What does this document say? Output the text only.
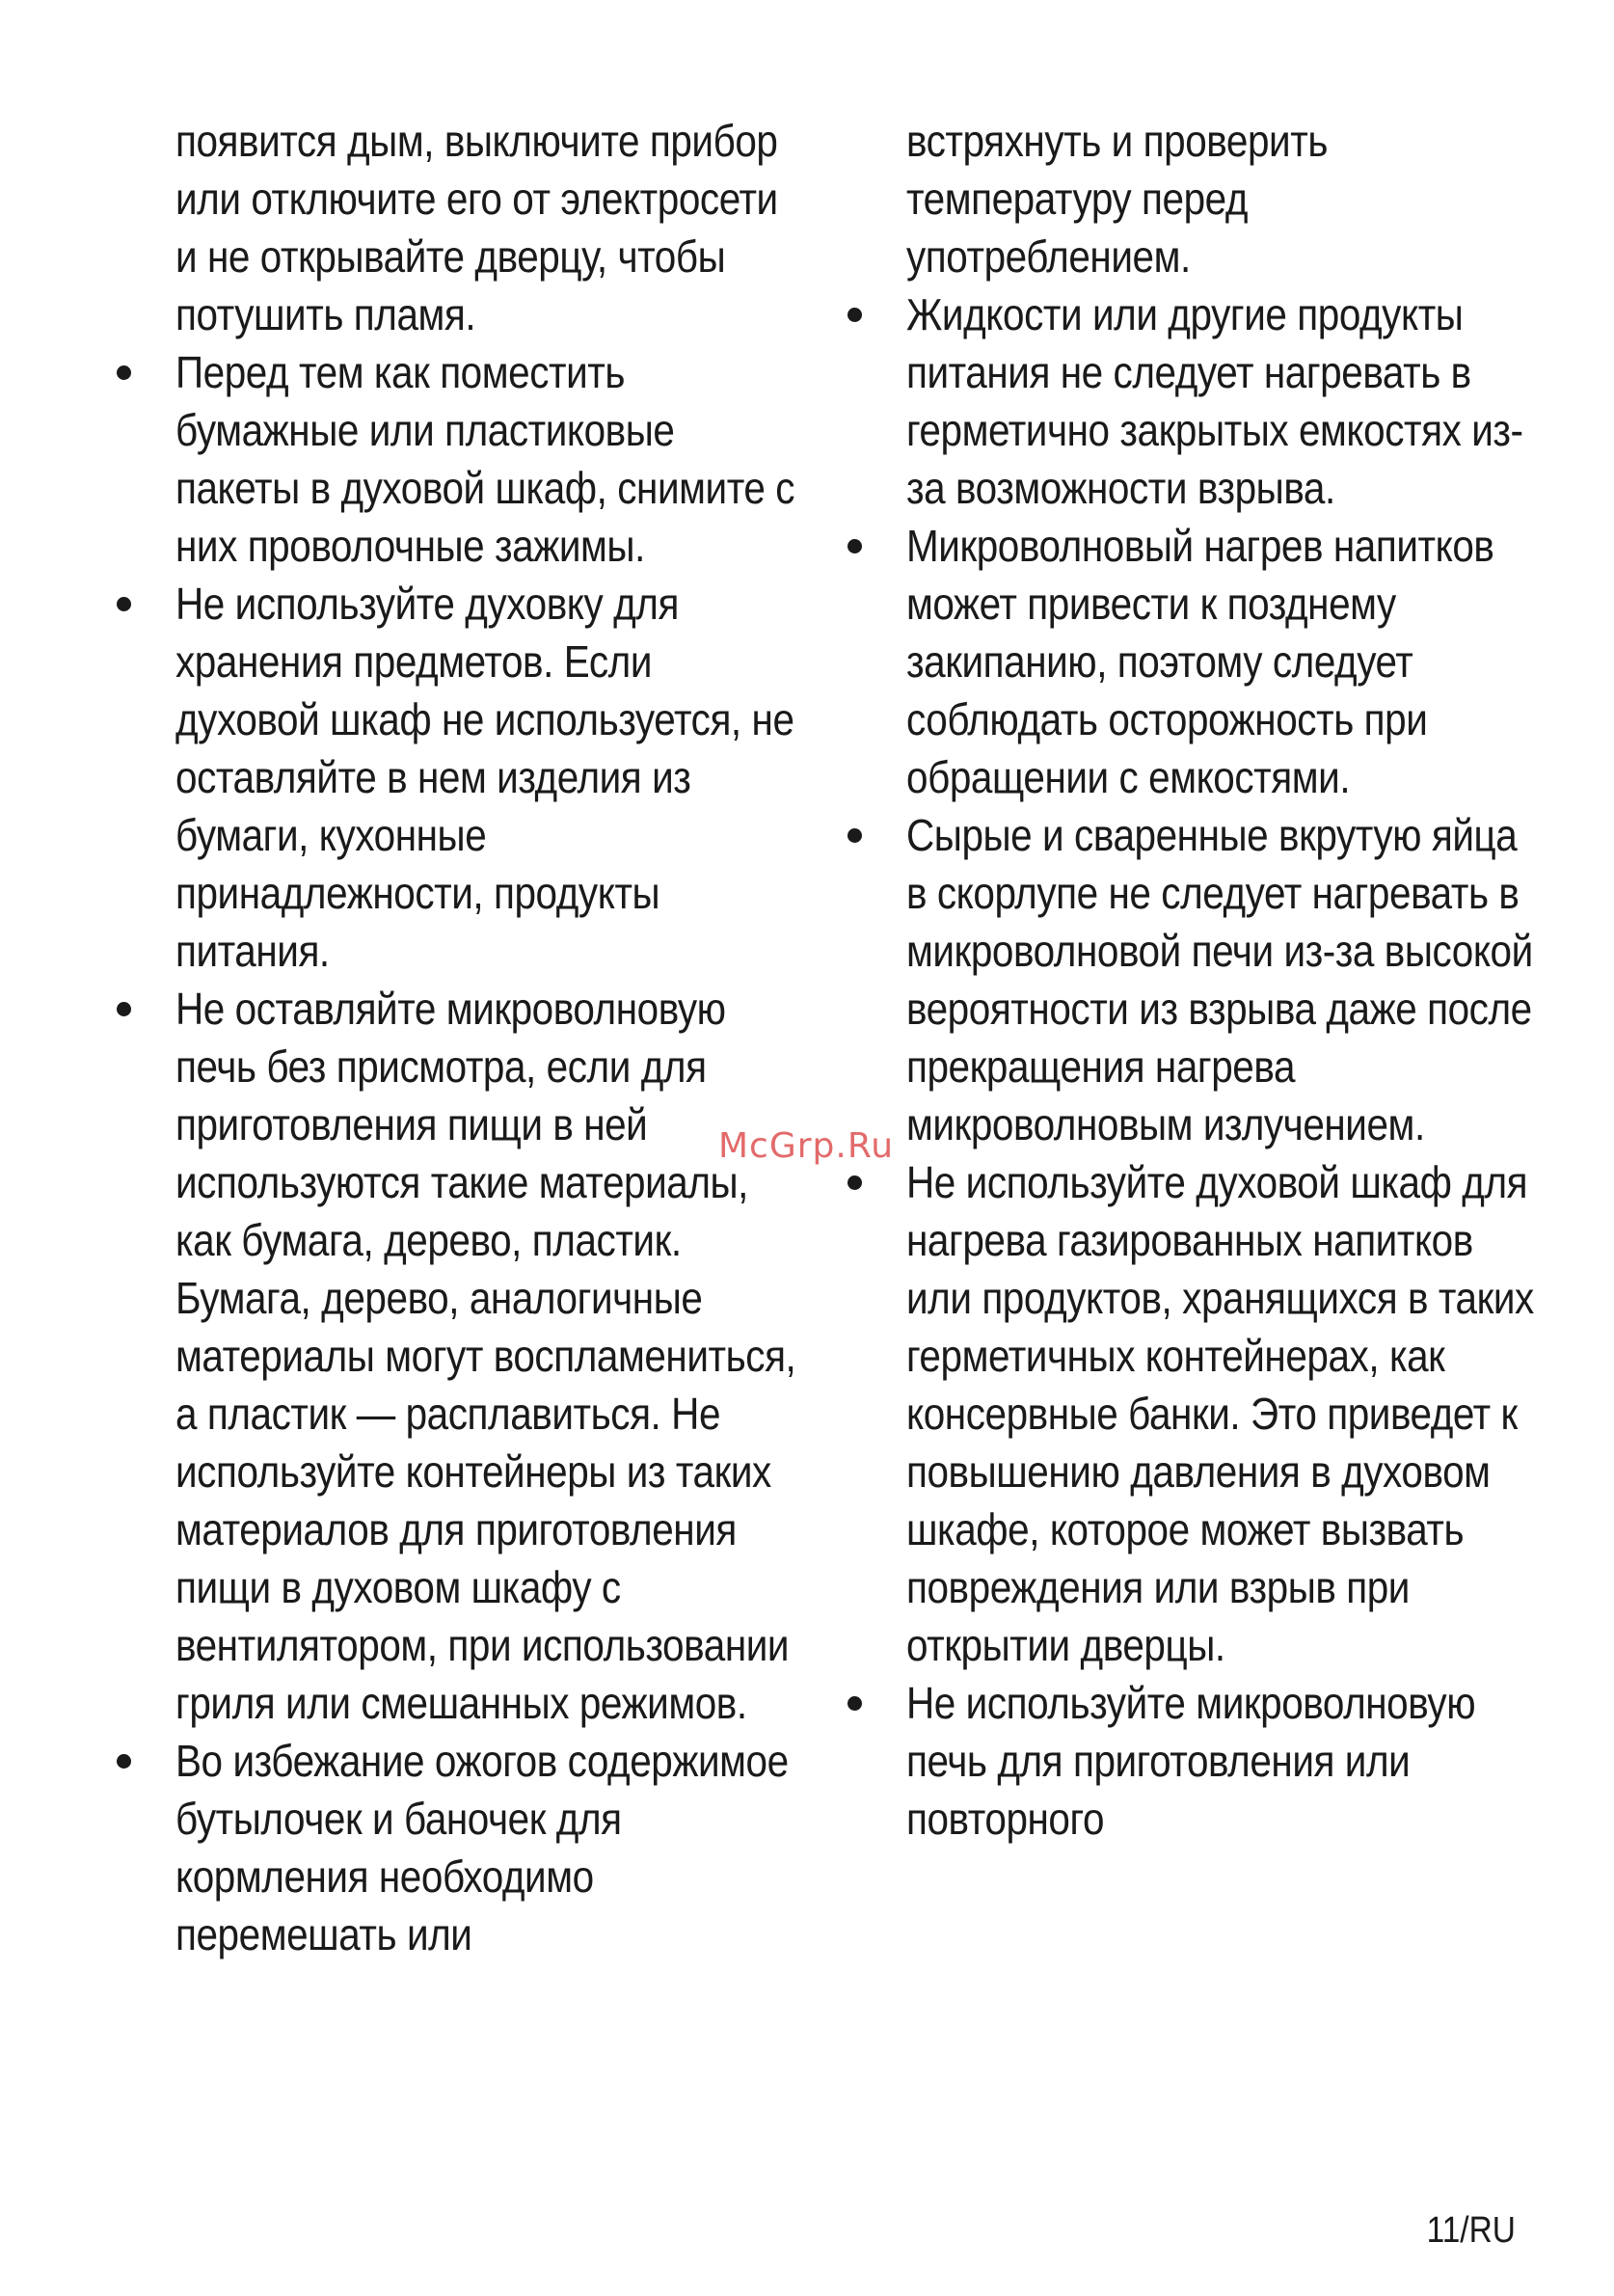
появится дым, выключите прибор или отключите его от электросети и не открывайте дверцу, чтобы потушить пламя.
Перед тем как поместить бумажные или пластиковые пакеты в духовой шкаф, снимите с них проволочные зажимы.
Не используйте духовку для хранения предметов. Если духовой шкаф не используется, не оставляйте в нем изделия из бумаги, кухонные принадлежности, продукты питания.
Не оставляйте микроволновую печь без присмотра, если для приготовления пищи в ней используются такие материалы, как бумага, дерево, пластик. Бумага, дерево, аналогичные материалы могут воспламениться, а пластик — расплавиться. Не используйте контейнеры из таких материалов для приготовления пищи в духовом шкафу с вентилятором, при использовании гриля или смешанных режимов.
Во избежание ожогов содержимое бутылочек и баночек для кормления необходимо перемешать или
встряхнуть и проверить температуру перед употреблением.
Жидкости или другие продукты питания не следует нагревать в герметично закрытых емкостях из-за возможности взрыва.
Микроволновый нагрев напитков может привести к позднему закипанию, поэтому следует соблюдать осторожность при обращении с емкостями.
Сырые и сваренные вкрутую яйца в скорлупе не следует нагревать в микроволновой печи из-за высокой вероятности из взрыва даже после прекращения нагрева микроволновым излучением.
Не используйте духовой шкаф для нагрева газированных напитков или продуктов, хранящихся в таких герметичных контейнерах, как консервные банки. Это приведет к повышению давления в духовом шкафе, которое может вызвать повреждения или взрыв при открытии дверцы.
Не используйте микроволновую печь для приготовления или повторного
McGrp.Ru
11/RU
